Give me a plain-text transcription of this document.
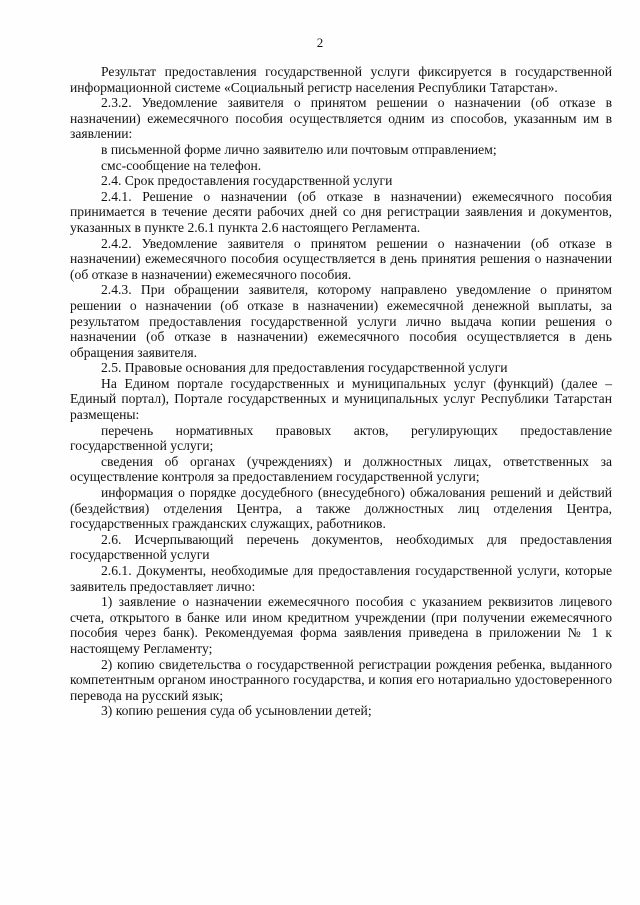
2

Результат предоставления государственной услуги фиксируется в государственной информационной системе «Социальный регистр населения Республики Татарстан».

2.3.2. Уведомление заявителя о принятом решении о назначении (об отказе в назначении) ежемесячного пособия осуществляется одним из способов, указанным им в заявлении:

в письменной форме лично заявителю или почтовым отправлением;

смс-сообщение на телефон.

2.4. Срок предоставления государственной услуги

2.4.1. Решение о назначении (об отказе в назначении) ежемесячного пособия принимается в течение десяти рабочих дней со дня регистрации заявления и документов, указанных в пункте 2.6.1 пункта 2.6 настоящего Регламента.

2.4.2. Уведомление заявителя о принятом решении о назначении (об отказе в назначении) ежемесячного пособия осуществляется в день принятия решения о назначении (об отказе в назначении) ежемесячного пособия.

2.4.3. При обращении заявителя, которому направлено уведомление о принятом решении о назначении (об отказе в назначении) ежемесячной денежной выплаты, за результатом предоставления государственной услуги лично выдача копии решения о назначении (об отказе в назначении) ежемесячного пособия осуществляется в день обращения заявителя.

2.5. Правовые основания для предоставления государственной услуги

На Едином портале государственных и муниципальных услуг (функций) (далее – Единый портал), Портале государственных и муниципальных услуг Республики Татарстан размещены:

перечень нормативных правовых актов, регулирующих предоставление государственной услуги;

сведения об органах (учреждениях) и должностных лицах, ответственных за осуществление контроля за предоставлением государственной услуги;

информация о порядке досудебного (внесудебного) обжалования решений и действий (бездействия) отделения Центра, а также должностных лиц отделения Центра, государственных гражданских служащих, работников.

2.6. Исчерпывающий перечень документов, необходимых для предоставления государственной услуги

2.6.1. Документы, необходимые для предоставления государственной услуги, которые заявитель предоставляет лично:

1) заявление о назначении ежемесячного пособия с указанием реквизитов лицевого счета, открытого в банке или ином кредитном учреждении (при получении ежемесячного пособия через банк). Рекомендуемая форма заявления приведена в приложении № 1 к настоящему Регламенту;

2) копию свидетельства о государственной регистрации рождения ребенка, выданного компетентным органом иностранного государства, и копия его нотариально удостоверенного перевода на русский язык;

3) копию решения суда об усыновлении детей;
